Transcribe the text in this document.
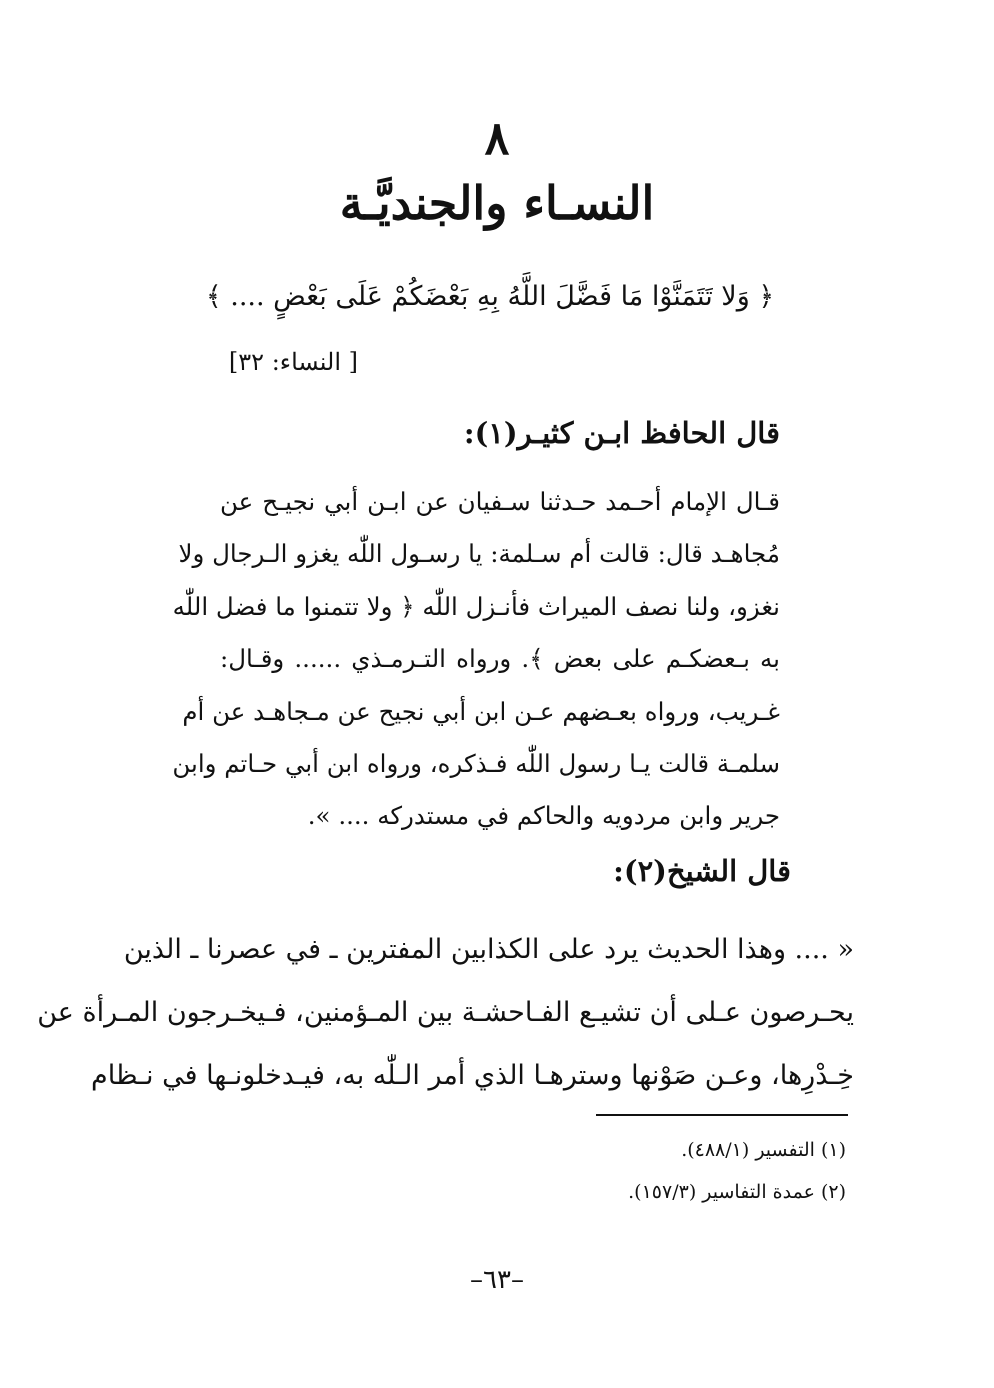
٨
النسـاء والجنديَّـة
﴿ وَلا تَتَمَنَّوْا مَا فَضَّلَ اللَّهُ بِهِ بَعْضَكُمْ عَلَى بَعْضٍ .... ﴾
[ النساء: ٣٢]
قال الحافظ ابـن كثيـر(١):
قـال الإمام أحـمد حـدثنا سـفيان عن ابـن أبي نجيـح عن
مُجاهـد قال: قالت أم سـلمة: يا رسـول اللّٰه يغزو الـرجال ولا
نغزو، ولنا نصف الميراث فأنـزل اللّٰه ﴿ ولا تتمنوا ما فضل اللّٰه
به بـعضكـم على بعض ﴾. ورواه التـرمـذي ...... وقـال:
غـريب، ورواه بعـضهم عـن ابن أبي نجيح عن مـجاهـد عن أم
سلمـة قالت يـا رسول اللّٰه فـذكره، ورواه ابن أبي حـاتم وابن
جرير وابن مردويه والحاكم في مستدركه .... ».
قال الشيخ(٢):
« .... وهذا الحديث يرد على الكذابين المفترين ـ في عصرنا ـ الذين
يحـرصون عـلى أن تشيـع الفـاحشـة بين المـؤمنين، فـيخـرجون المـرأة عن
خِـدْرِها، وعـن صَوْنها وسترهـا الذي أمر الـلّٰه به، فيـدخلونـها في نـظام
(١) التفسير (٤٨٨/١).
(٢) عمدة التفاسير (١٥٧/٣).
–٦٣–
